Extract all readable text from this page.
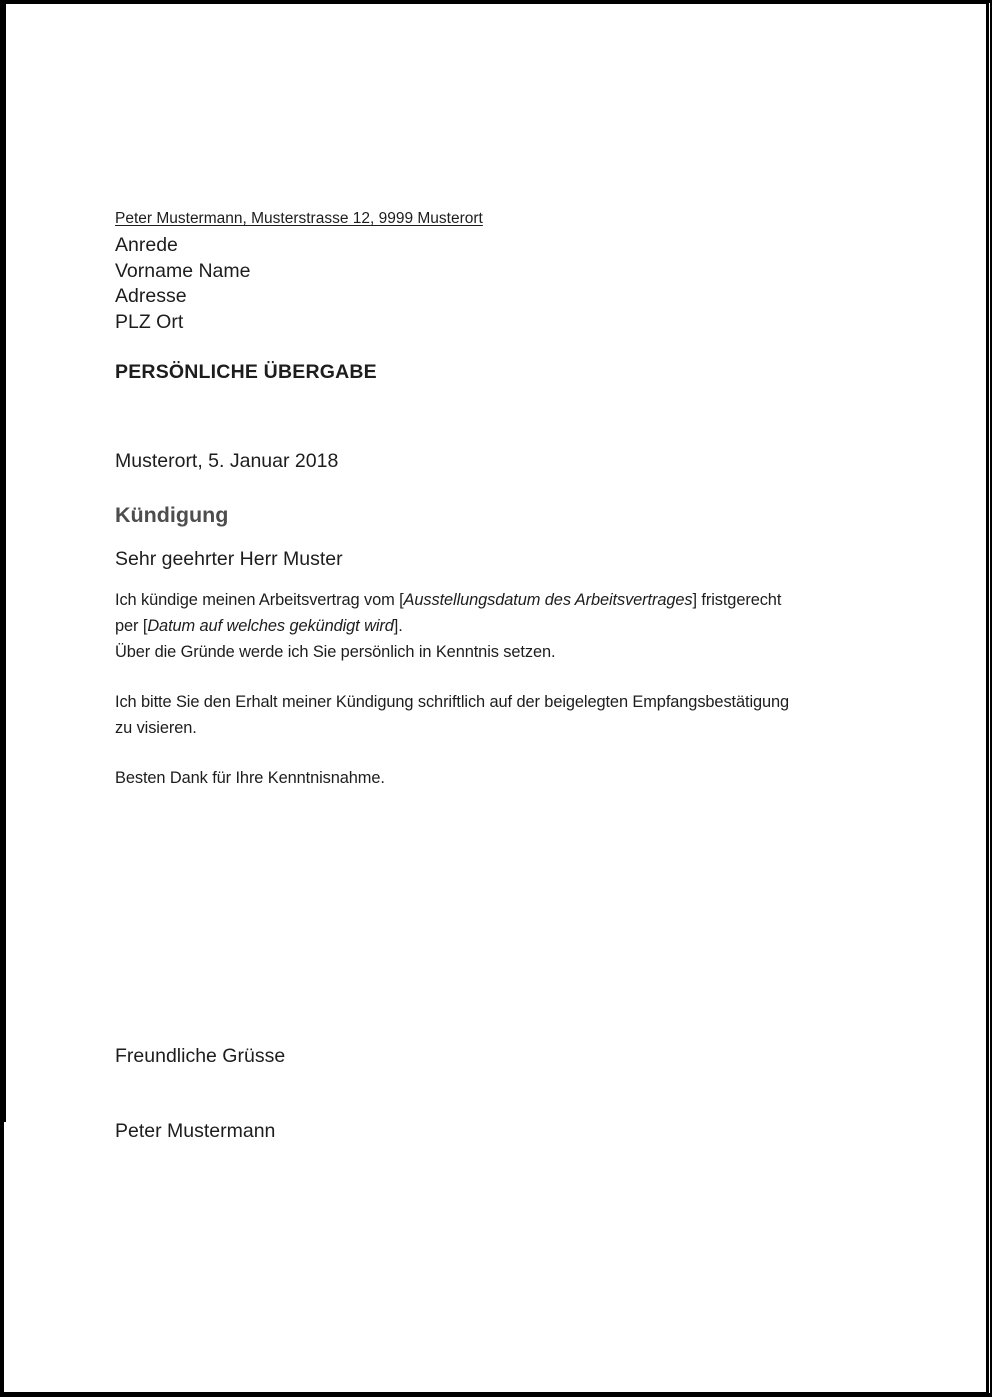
Peter Mustermann, Musterstrasse 12, 9999 Musterort
Anrede
Vorname Name
Adresse
PLZ Ort
PERSÖNLICHE ÜBERGABE
Musterort, 5. Januar 2018
Kündigung
Sehr geehrter Herr Muster
Ich kündige meinen Arbeitsvertrag vom [Ausstellungsdatum des Arbeitsvertrages] fristgerecht
per [Datum auf welches gekündigt wird].
Über die Gründe werde ich Sie persönlich in Kenntnis setzen.
Ich bitte Sie den Erhalt meiner Kündigung schriftlich auf der beigelegten Empfangsbestätigung
zu visieren.
Besten Dank für Ihre Kenntnisnahme.
Freundliche Grüsse
Peter Mustermann
